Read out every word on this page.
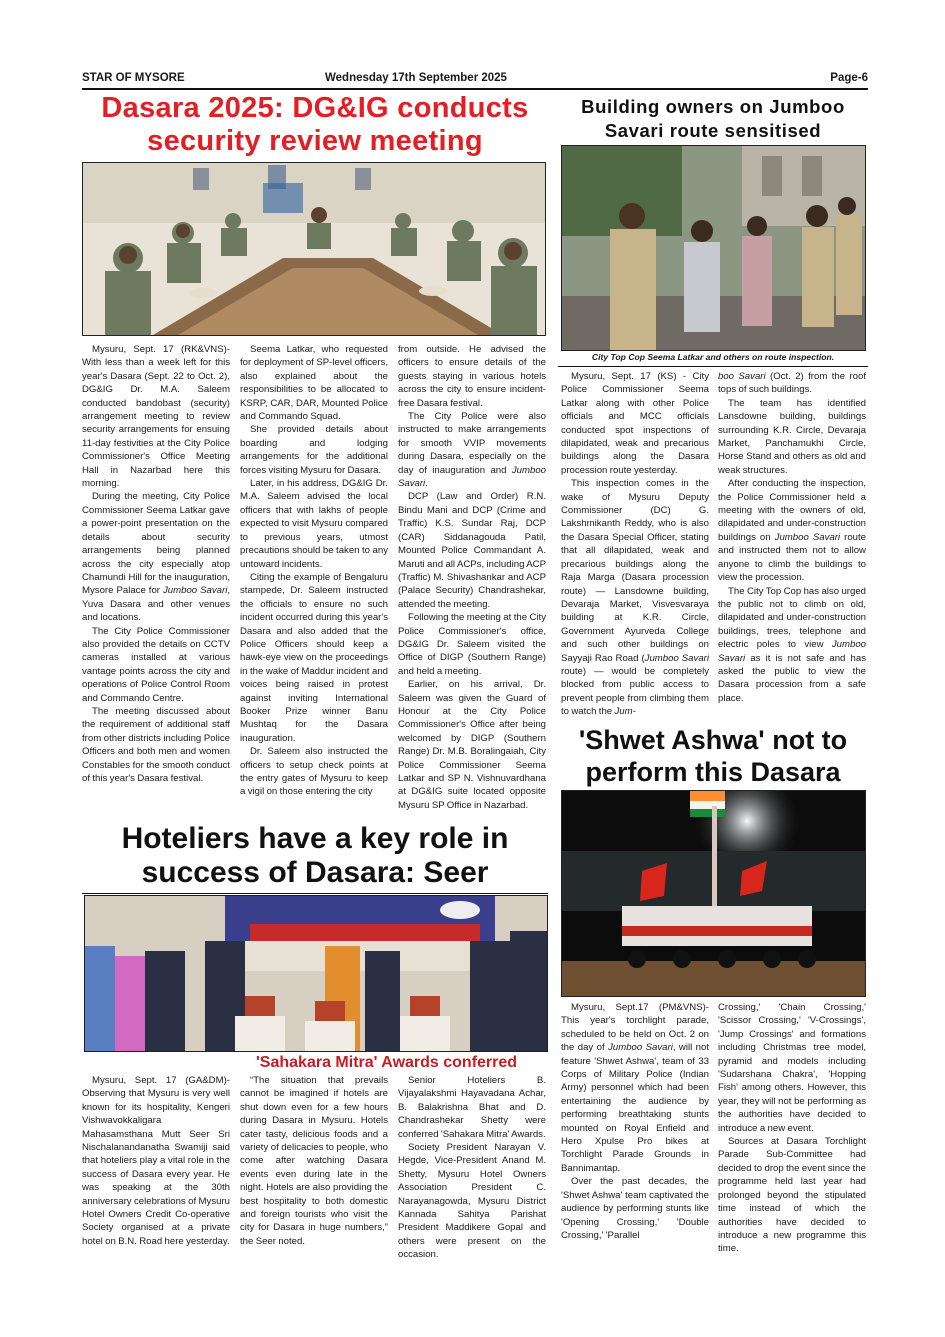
STAR OF MYSORE	Wednesday 17th September 2025	Page-6
Dasara 2025: DG&IG conducts
security review meeting

Mysuru, Sept. 17 (RK&VNS)- With less than a week left for this year's Dasara (Sept. 22 to Oct. 2), DG&IG Dr. M.A. Saleem conducted bandobast (security) arrangement meeting to review security arrangements for ensuing 11-day festivities at the City Police Commissioner's Office Meeting Hall in Nazarbad here this morning.

During the meeting, City Police Commissioner Seema Latkar gave a power-point presentation on the details about security arrangements being planned across the city especially atop Chamundi Hill for the inauguration, Mysore Palace for Jumboo Savari, Yuva Dasara and other venues and locations.

The City Police Commissioner also provided the details on CCTV cameras installed at various vantage points across the city and operations of Police Control Room and Commando Centre.

The meeting discussed about the requirement of additional staff from other districts including Police Officers and both men and women Constables for the smooth conduct of this year's Dasara festival.

Seema Latkar, who requested for deployment of SP-level officers, also explained about the responsibilities to be allocated to KSRP, CAR, DAR, Mounted Police and Commando Squad.

She provided details about boarding and lodging arrangements for the additional forces visiting Mysuru for Dasara.

Later, in his address, DG&IG Dr. M.A. Saleem advised the local officers that with lakhs of people expected to visit Mysuru compared to previous years, utmost precautions should be taken to any untoward incidents.

Citing the example of Bengaluru stampede, Dr. Saleem instructed the officials to ensure no such incident occurred during this year's Dasara and also added that the Police Officers should keep a hawk-eye view on the proceedings in the wake of Maddur incident and voices being raised in protest against inviting International Booker Prize winner Banu Mushtaq for the Dasara inauguration.

Dr. Saleem also instructed the officers to setup check points at the entry gates of Mysuru to keep a vigil on those entering the city

from outside. He advised the officers to ensure details of the guests staying in various hotels across the city to ensure incident-free Dasara festival.

The City Police were also instructed to make arrangements for smooth VVIP movements during Dasara, especially on the day of inauguration and Jumboo Savari.

DCP (Law and Order) R.N. Bindu Mani and DCP (Crime and Traffic) K.S. Sundar Raj, DCP (CAR) Siddanagouda Patil, Mounted Police Commandant A. Maruti and all ACPs, including ACP (Traffic) M. Shivashankar and ACP (Palace Security) Chandrashekar, attended the meeting.

Following the meeting at the City Police Commissioner's office, DG&IG Dr. Saleem visited the Office of DIGP (Southern Range) and held a meeting.

Earlier, on his arrival, Dr. Saleem was given the Guard of Honour at the City Police Commissioner's Office after being welcomed by DIGP (Southern Range) Dr. M.B. Boralingaiah, City Police Commissioner Seema Latkar and SP N. Vishnuvardhana at DG&IG suite located opposite Mysuru SP Office in Nazarbad.

Building owners on Jumboo
Savari route sensitised
City Top Cop Seema Latkar and others on route inspection.

Mysuru, Sept. 17 (KS) - City Police Commissioner Seema Latkar along with other Police officials and MCC officials conducted spot inspections of dilapidated, weak and precarious buildings along the Dasara procession route yesterday.

This inspection comes in the wake of Mysuru Deputy Commissioner (DC) G. Lakshmikanth Reddy, who is also the Dasara Special Officer, stating that all dilapidated, weak and precarious buildings along the Raja Marga (Dasara procession route) — Lansdowne building, Devaraja Market, Visvesvaraya building at K.R. Circle, Government Ayurveda College and such other buildings on Sayyaji Rao Road (Jumboo Savari route) — would be completely blocked from public access to prevent people from climbing them to watch the Jum-

boo Savari (Oct. 2) from the roof tops of such buildings.

The team has identified Lansdowne building, buildings surrounding K.R. Circle, Devaraja Market, Panchamukhi Circle, Horse Stand and others as old and weak structures.

After conducting the inspection, the Police Commissioner held a meeting with the owners of old, dilapidated and under-construction buildings on Jumboo Savari route and instructed them not to allow anyone to climb the buildings to view the procession.

The City Top Cop has also urged the public not to climb on old, dilapidated and under-construction buildings, trees, telephone and electric poles to view Jumboo Savari as it is not safe and has asked the public to view the Dasara procession from a safe place.

'Shwet Ashwa' not to
perform this Dasara

Mysuru, Sept.17 (PM&VNS)- This year's torchlight parade, scheduled to be held on Oct. 2 on the day of Jumboo Savari, will not feature 'Shwet Ashwa', team of 33 Corps of Military Police (Indian Army) personnel which had been entertaining the audience by performing breathtaking stunts mounted on Royal Enfield and Hero Xpulse Pro bikes at Torchlight Parade Grounds in Bannimantap.

Over the past decades, the 'Shwet Ashwa' team captivated the audience by performing stunts like 'Opening Crossing,' 'Double Crossing,' 'Parallel

Crossing,' 'Chain Crossing,' 'Scissor Crossing,' 'V-Crossings', 'Jump Crossings' and formations including Christmas tree model, pyramid and models including 'Sudarshana Chakra', 'Hopping Fish' among others. However, this year, they will not be performing as the authorities have decided to introduce a new event.

Sources at Dasara Torchlight Parade Sub-Committee had decided to drop the event since the programme held last year had prolonged beyond the stipulated time instead of which the authorities have decided to introduce a new programme this time.

Hoteliers have a key role in
success of Dasara: Seer
'Sahakara Mitra' Awards conferred

Mysuru, Sept. 17 (GA&DM)- Observing that Mysuru is very well known for its hospitality, Kengeri Vishwavokkaligara Mahasamsthana Mutt Seer Sri Nischalanandanatha Swamiji said that hoteliers play a vital role in the success of Dasara every year. He was speaking at the 30th anniversary celebrations of Mysuru Hotel Owners Credit Co-operative Society organised at a private hotel on B.N. Road here yesterday.

“The situation that prevails cannot be imagined if hotels are shut down even for a few hours during Dasara in Mysuru. Hotels cater tasty, delicious foods and a variety of delicacies to people, who come after watching Dasara events even during late in the night. Hotels are also providing the best hospitality to both domestic and foreign tourists who visit the city for Dasara in huge numbers,” the Seer noted.

Senior Hoteliers B. Vijayalakshmi Hayavadana Achar, B. Balakrishna Bhat and D. Chandrashekar Shetty were conferred 'Sahakara Mitra' Awards.

Society President Narayan V. Hegde, Vice-President Anand M. Shetty, Mysuru Hotel Owners Association President C. Narayanagowda, Mysuru District Kannada Sahitya Parishat President Maddikere Gopal and others were present on the occasion.
